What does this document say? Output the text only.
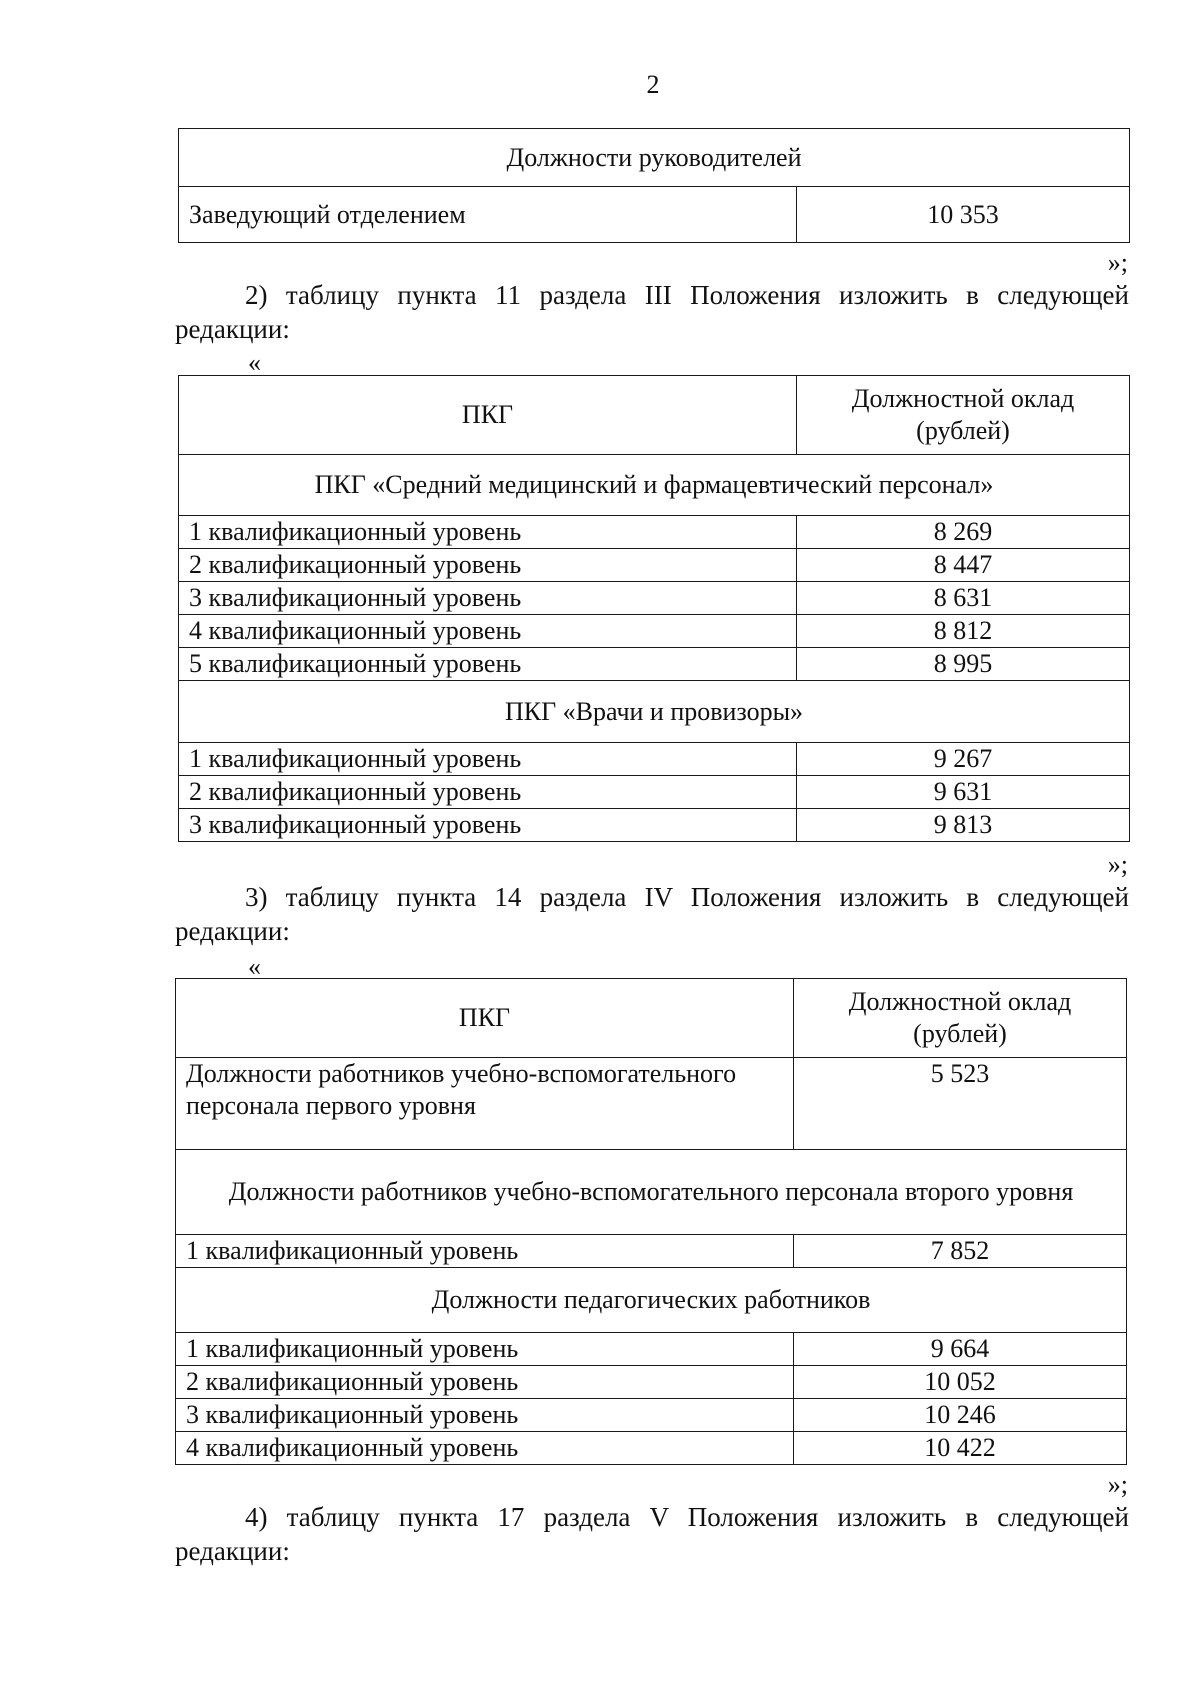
2
Должности руководителей
Заведующий отделением	10 353
»;
2) таблицу пункта 11 раздела III Положения изложить в следующей редакции:
«
ПКГ	Должностной оклад (рублей)
ПКГ «Средний медицинский и фармацевтический персонал»	
1 квалификационный уровень	8 269
2 квалификационный уровень	8 447
3 квалификационный уровень	8 631
4 квалификационный уровень	8 812
5 квалификационный уровень	8 995
ПКГ «Врачи и провизоры»	
1 квалификационный уровень	9 267
2 квалификационный уровень	9 631
3 квалификационный уровень	9 813
»;
3) таблицу пункта 14 раздела IV Положения изложить в следующей редакции:
«
ПКГ	Должностной оклад (рублей)
Должности работников учебно-вспомогательного персонала первого уровня	5 523
Должности работников учебно-вспомогательного персонала второго уровня	
1 квалификационный уровень	7 852
Должности педагогических работников	
1 квалификационный уровень	9 664
2 квалификационный уровень	10 052
3 квалификационный уровень	10 246
4 квалификационный уровень	10 422
»;
4) таблицу пункта 17 раздела V Положения изложить в следующей редакции:
